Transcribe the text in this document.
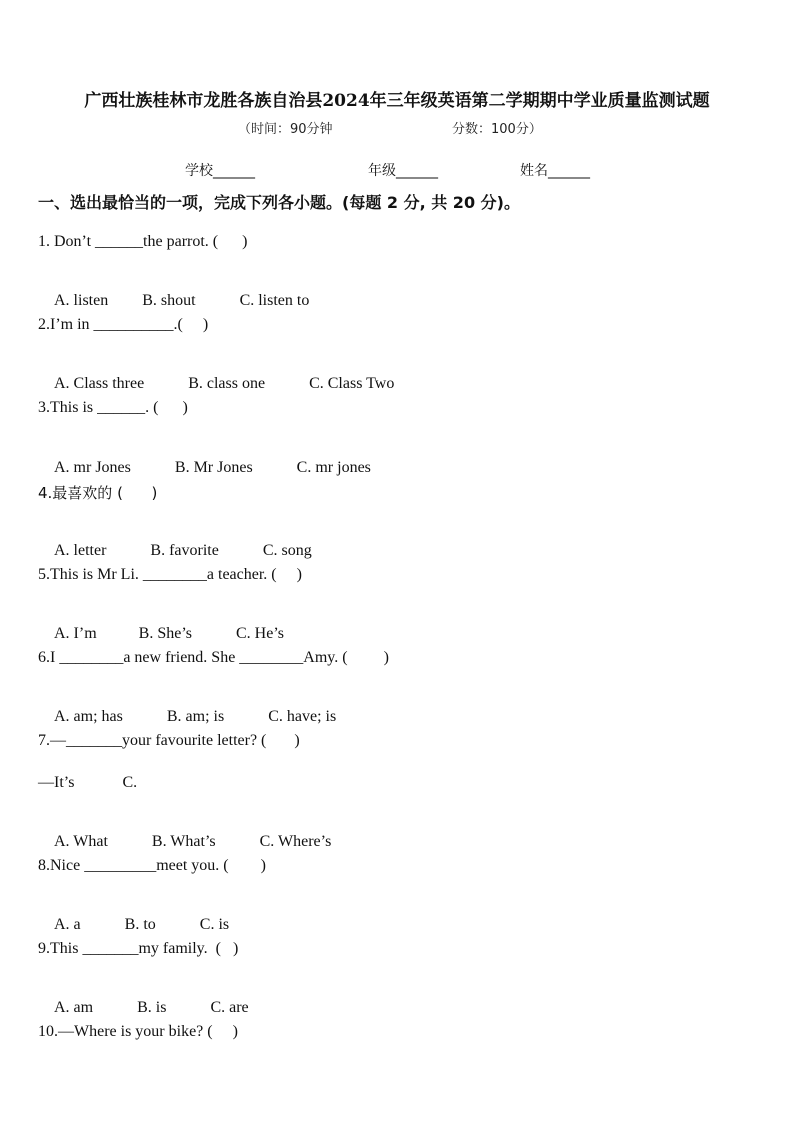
广西壮族桂林市龙胜各族自治县2024年三年级英语第二学期期中学业质量监测试题
（时间：90分钟	分数：100分）
学校______	年级______	姓名______
一、选出最恰当的一项，完成下列各小题。(每题 2 分, 共 20 分)。
1. Don’t ______the parrot. (      )

A. listen B. shout	C. listen to

2.I’m in __________.(     )

A. Class three	B. class one	C. Class Two

3.This is ______. (      )

A. mr Jones	B. Mr Jones	C. mr jones

4.最喜欢的 (      )

A. letter	B. favorite	C. song

5.This is Mr Li. ________a teacher. (     )

A. I’m	B. She’s	C. He’s

6.I ________a new friend. She ________Amy. (         )

A. am; has	B. am; is	C. have; is

7.—_______your favourite letter? (       )
—It’s            C.

A. What	B. What’s	C. Where’s

8.Nice _________meet you. (        )

A. a	B. to	C. is

9.This _______my family.  (   )

A. am	B. is	C. are

10.—Where is your bike? (     )
